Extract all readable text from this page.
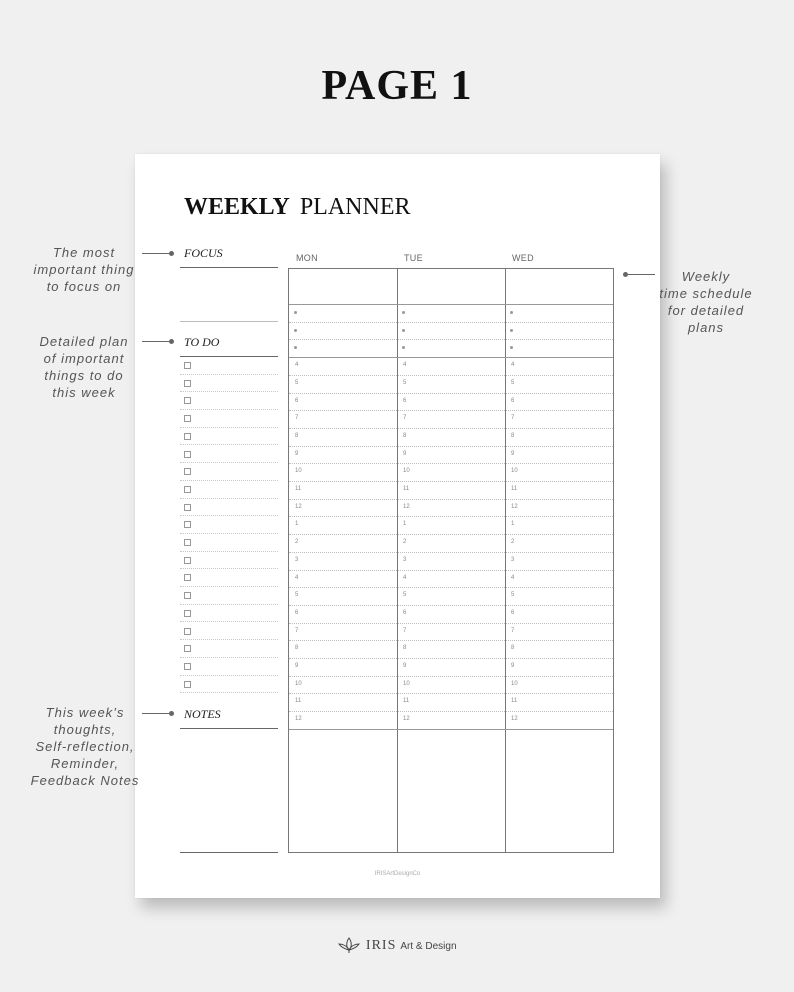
PAGE 1
WEEKLY PLANNER
FOCUS
TO DO
NOTES
MON	TUE	WED
4	4	4
5	5	5
6	6	6
7	7	7
8	8	8
9	9	9
10	10	10
11	11	11
12	12	12
1	1	1
2	2	2
3	3	3
4	4	4
5	5	5
6	6	6
7	7	7
8	8	8
9	9	9
10	10	10
11	11	11
12	12	12
IRISArtDesignCo
The most
important thing
to focus on
Detailed plan
of important
things to do
this week
This week’s
thoughts,
Self-reflection,
Reminder,
Feedback Notes
Weekly
time schedule
for detailed
plans
IRIS Art & Design
